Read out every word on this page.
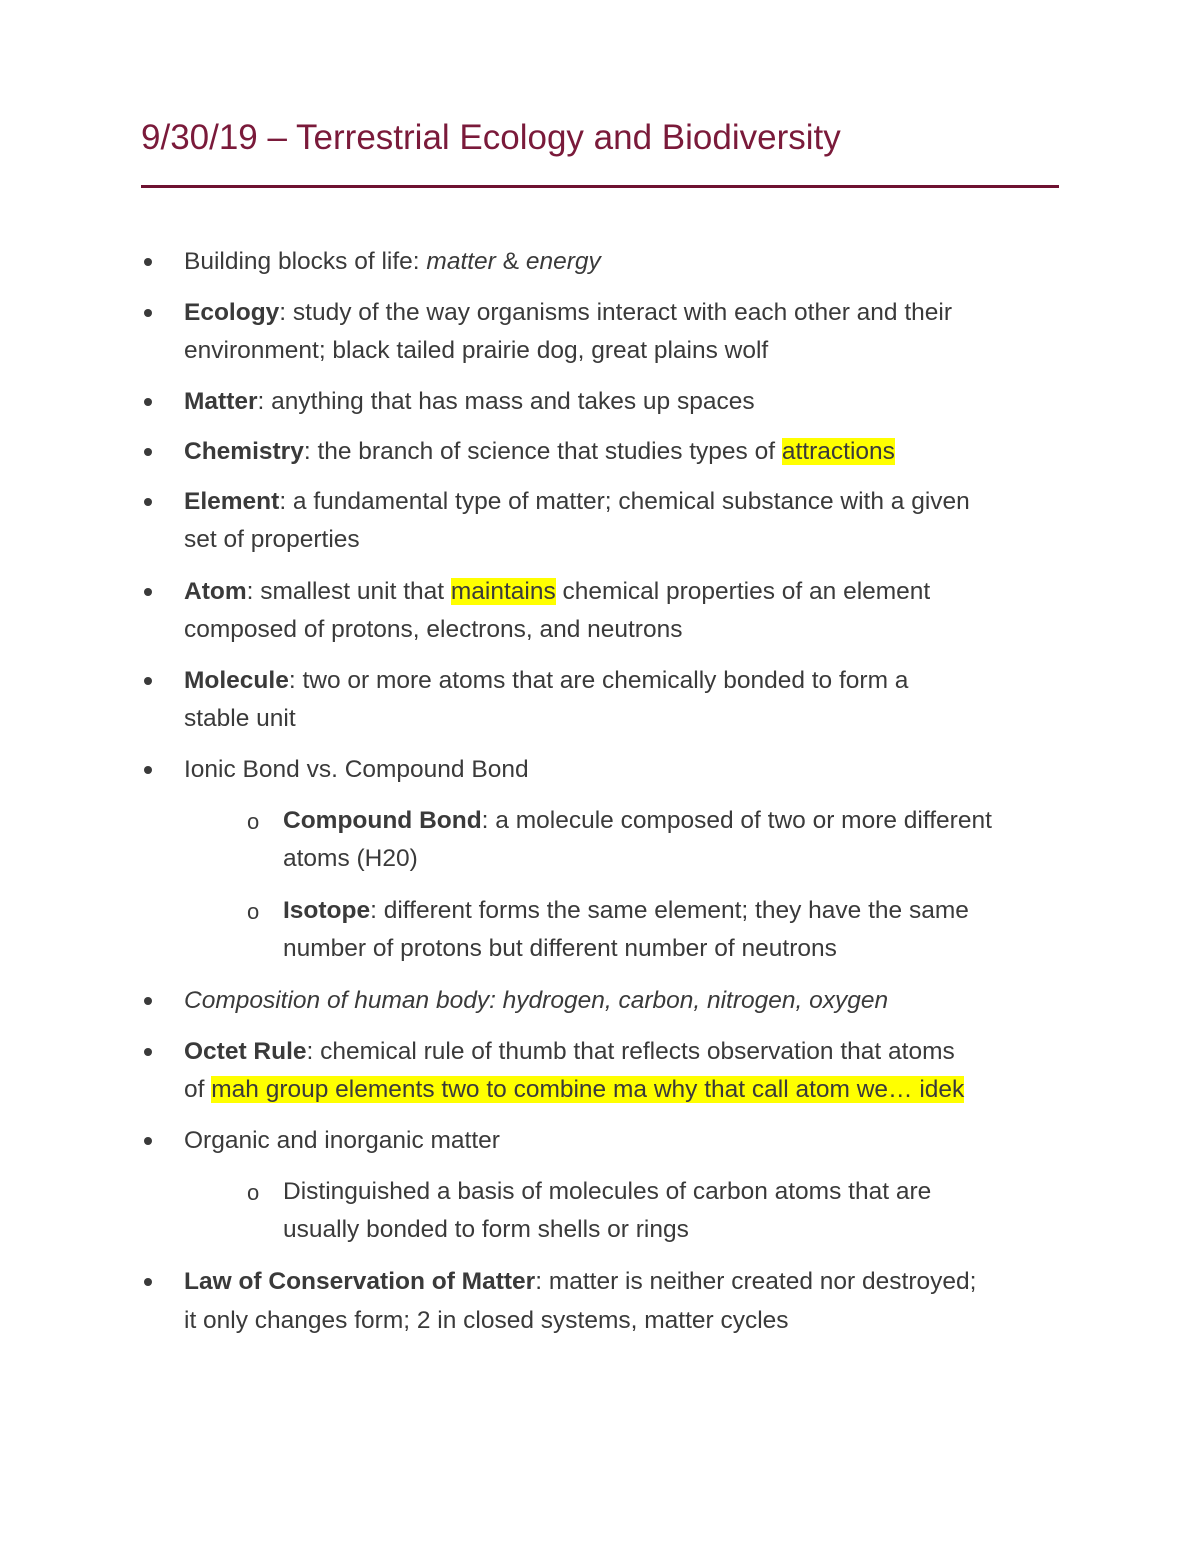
9/30/19 – Terrestrial Ecology and Biodiversity
Building blocks of life: matter & energy
Ecology: study of the way organisms interact with each other and their
environment; black tailed prairie dog, great plains wolf
Matter: anything that has mass and takes up spaces
Chemistry: the branch of science that studies types of attractions
Element: a fundamental type of matter; chemical substance with a given
set of properties
Atom: smallest unit that maintains chemical properties of an element
composed of protons, electrons, and neutrons
Molecule: two or more atoms that are chemically bonded to form a
stable unit
Ionic Bond vs. Compound Bond
o Compound Bond: a molecule composed of two or more different
atoms (H20)
o Isotope: different forms the same element; they have the same
number of protons but different number of neutrons
Composition of human body: hydrogen, carbon, nitrogen, oxygen
Octet Rule: chemical rule of thumb that reflects observation that atoms
of mah group elements two to combine ma why that call atom we… idek
Organic and inorganic matter
o Distinguished a basis of molecules of carbon atoms that are
usually bonded to form shells or rings
Law of Conservation of Matter: matter is neither created nor destroyed;
it only changes form; 2 in closed systems, matter cycles
